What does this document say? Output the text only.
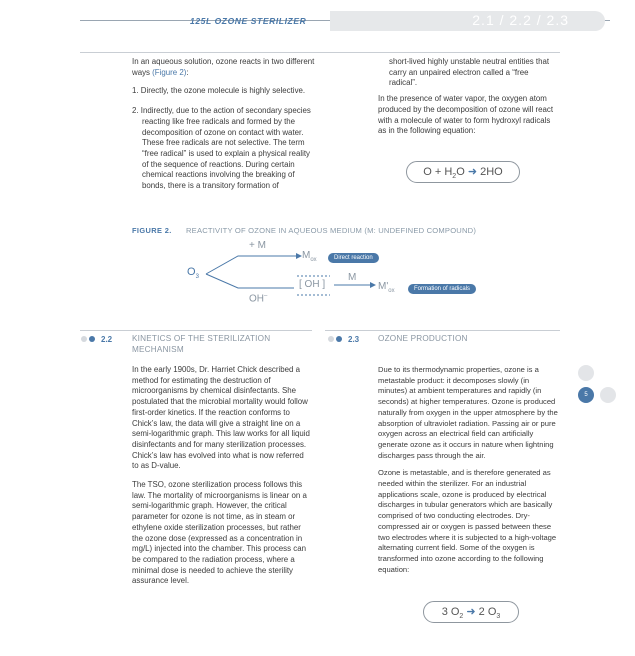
125L OZONE STERILIZER	2.1 / 2.2 / 2.3

In an aqueous solution, ozone reacts in two different ways (Figure 2):

1. Directly, the ozone molecule is highly selective.

2. Indirectly, due to the action of secondary species reacting like free radicals and formed by the decomposition of ozone on contact with water. These free radicals are not selective. The term “free radical” is used to explain a physical reality of the sequence of reactions. During certain chemical reactions involving the breaking of bonds, there is a transitory formation of

short-lived highly unstable neutral entities that carry an unpaired electron called a “free radical”.

In the presence of water vapor, the oxygen atom produced by the decomposition of ozone will react with a molecule of water to form hydroxyl radicals as in the following equation:

$O + H_2O$ ➜ 2HO
FIGURE 2. REACTIVITY OF OZONE IN AQUEOUS MEDIUM (M: UNDEFINED COMPOUND)
$O_3$
+ M
$M_{ox}$	Direct reaction
[ OH ]
M
$M'_{ox}$	Formation of radicals
OH–
2.2 KINETICS OF THE STERILIZATION MECHANISM

In the early 1900s, Dr. Harriet Chick described a method for estimating the destruction of microorganisms by chemical disinfectants. She postulated that the microbial mortality would follow first-order kinetics. If the reaction conforms to Chick’s law, the data will give a straight line on a semi-logarithmic graph. This law works for all liquid disinfectants and for many sterilization processes. Chick’s law has evolved into what is now referred to as D-value.

The TSO, ozone sterilization process follows this law. The mortality of microorganisms is linear on a semi-logarithmic graph. However, the critical parameter for ozone is not time, as in steam or ethylene oxide sterilization processes, but rather the ozone dose (expressed as a concentration in mg/L) injected into the chamber. This process can be compared to the radiation process, where a minimal dose is needed to achieve the sterility assurance level.

2.3 OZONE PRODUCTION

Due to its thermodynamic properties, ozone is a metastable product: it decomposes slowly (in minutes) at ambient temperatures and rapidly (in seconds) at higher temperatures. Ozone is produced naturally from oxygen in the upper atmosphere by the absorption of ultraviolet radiation. Passing air or pure oxygen across an electrical field can artificially generate ozone as it occurs in nature when lightning discharges pass through the air.

Ozone is metastable, and is therefore generated as needed within the sterilizer. For an industrial applications scale, ozone is produced by electrical discharges in tubular generators which are basically comprised of two conducting electrodes. Dry-compressed air or oxygen is passed between these two electrodes where it is subjected to a high-voltage alternating current field. Some of the oxygen is transformed into ozone according to the following equation:

3 $O_2$ ➜ 2 $O_3$
5
